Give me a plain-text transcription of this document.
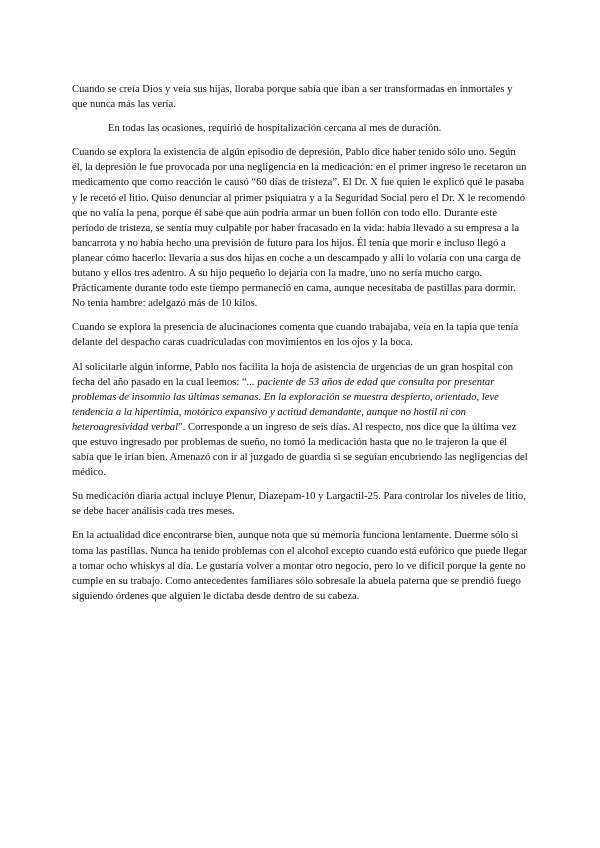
Cuando se creía Dios y veía sus hijas, lloraba porque sabía que iban a ser transformadas en inmortales y que nunca más las vería.

En todas las ocasiones, requirió de hospitalización cercana al mes de duración.

Cuando se explora la existencia de algún episodio de depresión, Pablo dice haber tenido sólo uno. Según él, la depresión le fue provocada por una negligencia en la medicación: en el primer ingreso le recetaron un medicamento que como reacción le causó “60 días de tristeza”. El Dr. X fue quien le explicó qué le pasaba y le recetó el litio. Quiso denunciar al primer psiquiatra y a la Seguridad Social pero el Dr. X le recomendó que no valía la pena, porque él sabe que aún podría armar un buen follón con todo ello. Durante este período de tristeza, se sentía muy culpable por haber fracasado en la vida: había llevado a su empresa a la bancarrota y no había hecho una previsión de futuro para los hijos. Él tenía que morir e incluso llegó a planear cómo hacerlo: llevaría a sus dos hijas en coche a un descampado y allí lo volaría con una carga de butano y ellos tres adentro. A su hijo pequeño lo dejaría con la madre, uno no sería mucho cargo. Prácticamente durante todo este tiempo permaneció en cama, aunque necesitaba de pastillas para dormir. No tenía hambre: adelgazó más de 10 kilos.

Cuando se explora la presencia de alucinaciones comenta que cuando trabajaba, veía en la tapia que tenía delante del despacho caras cuadriculadas con movimientos en los ojos y la boca.

Al solicitarle algún informe, Pablo nos facilita la hoja de asistencia de urgencias de un gran hospital con fecha del año pasado en la cual leemos: “... paciente de 53 años de edad que consulta por presentar problemas de insomnio las últimas semanas. En la exploración se muestra despierto, orientado, leve tendencia a la hipertimia, motórico expansivo y actitud demandante, aunque no hostil ni con heteroagresividad verbal”. Corresponde a un ingreso de seis días. Al respecto, nos dice que la última vez que estuvo ingresado por problemas de sueño, no tomó la medicación hasta que no le trajeron la que él sabía que le irían bien. Amenazó con ir al juzgado de guardia si se seguían encubriendo las negligencias del médico.

Su medicación diaria actual incluye Plenur, Diazepam-10 y Largactil-25. Para controlar los niveles de litio, se debe hacer análisis cada tres meses.

En la actualidad dice encontrarse bien, aunque nota que su memoria funciona lentamente. Duerme sólo si toma las pastillas. Nunca ha tenido problemas con el alcohol excepto cuando está eufórico que puede llegar a tomar ocho whiskys al día. Le gustaría volver a montar otro negocio, pero lo ve difícil porque la gente no cumple en su trabajo. Como antecedentes familiares sólo sobresale la abuela paterna que se prendió fuego siguiendo órdenes que alguien le dictaba desde dentro de su cabeza.
